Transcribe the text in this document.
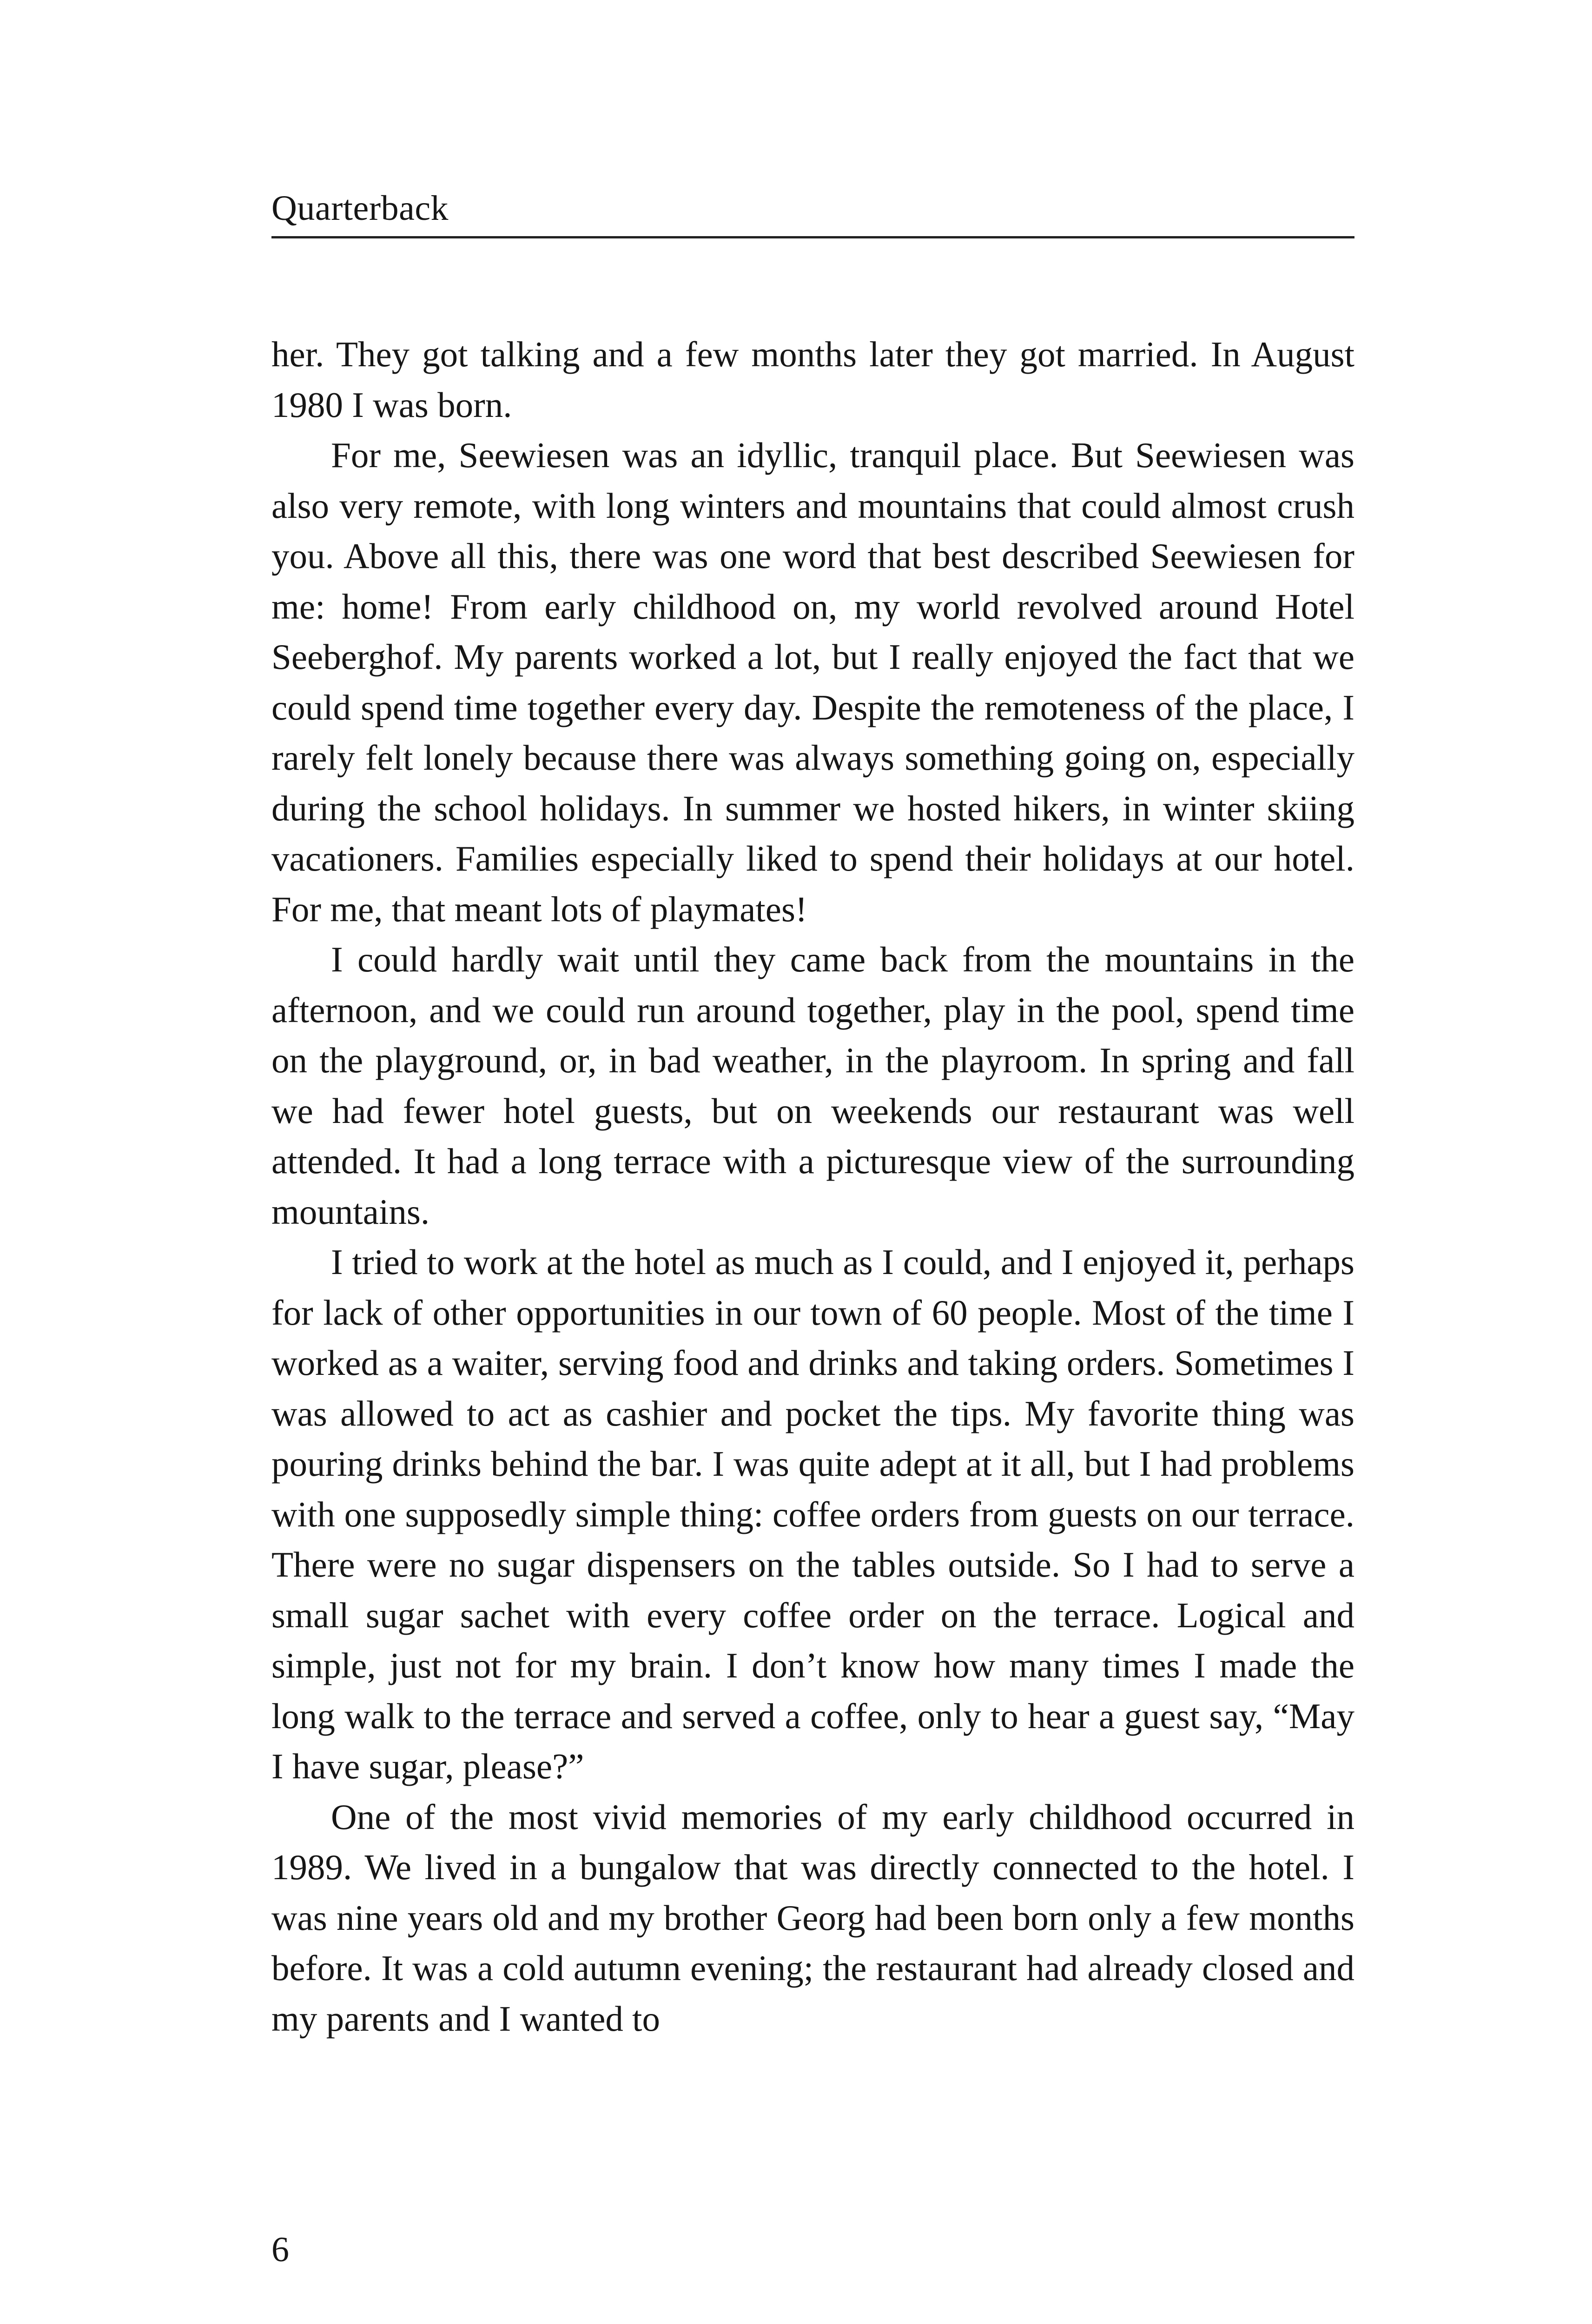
Quarterback

her. They got talking and a few months later they got married. In August 1980 I was born.

For me, Seewiesen was an idyllic, tranquil place. But Seewiesen was also very remote, with long winters and mountains that could almost crush you. Above all this, there was one word that best described Seewiesen for me: home! From early childhood on, my world revolved around Hotel Seeberghof. My parents worked a lot, but I really enjoyed the fact that we could spend time together every day. Despite the remoteness of the place, I rarely felt lonely because there was always something going on, especially during the school holidays. In summer we hosted hikers, in winter skiing vacationers. Families especially liked to spend their holidays at our hotel. For me, that meant lots of playmates!

I could hardly wait until they came back from the mountains in the afternoon, and we could run around together, play in the pool, spend time on the playground, or, in bad weather, in the playroom. In spring and fall we had fewer hotel guests, but on weekends our restaurant was well attended. It had a long terrace with a picturesque view of the surrounding mountains.

I tried to work at the hotel as much as I could, and I enjoyed it, perhaps for lack of other opportunities in our town of 60 people. Most of the time I worked as a waiter, serving food and drinks and taking orders. Sometimes I was allowed to act as cashier and pocket the tips. My favorite thing was pouring drinks behind the bar. I was quite adept at it all, but I had problems with one supposedly simple thing: coffee orders from guests on our terrace. There were no sugar dispensers on the tables outside. So I had to serve a small sugar sachet with every coffee order on the terrace. Logical and simple, just not for my brain. I don’t know how many times I made the long walk to the terrace and served a coffee, only to hear a guest say, “May I have sugar, please?”

One of the most vivid memories of my early childhood occurred in 1989. We lived in a bungalow that was directly connected to the hotel. I was nine years old and my brother Georg had been born only a few months before. It was a cold autumn evening; the restaurant had already closed and my parents and I wanted to

6
